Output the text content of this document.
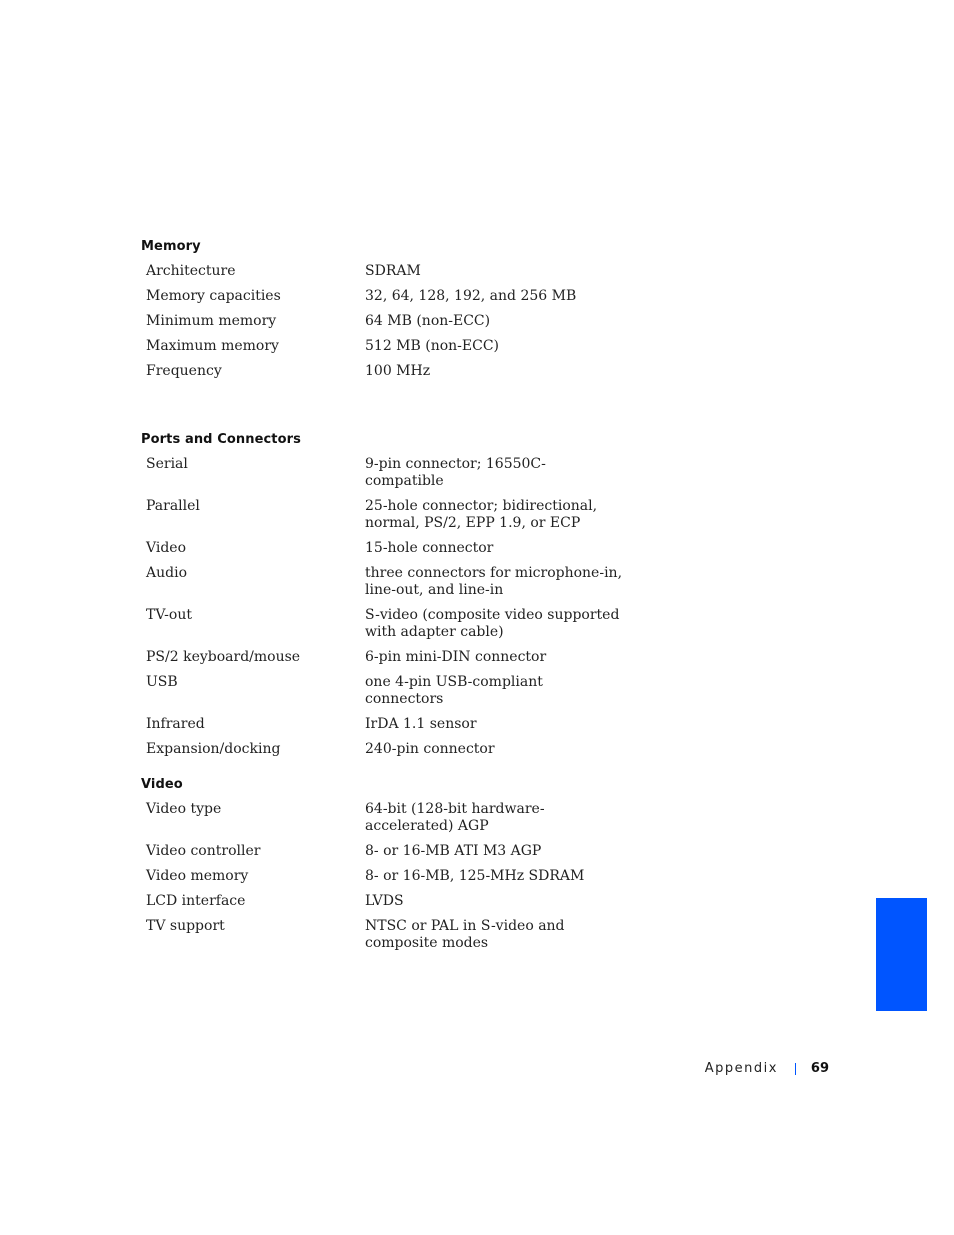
Memory
Architecture	SDRAM
Memory capacities	32, 64, 128, 192, and 256 MB
Minimum memory	64 MB (non-ECC)
Maximum memory	512 MB (non-ECC)
Frequency	100 MHz
Ports and Connectors
Serial	9-pin connector; 16550C-compatible
Parallel	25-hole connector; bidirectional, normal, PS/2, EPP 1.9, or ECP
Video	15-hole connector
Audio	three connectors for microphone-in, line-out, and line-in
TV-out	S-video (composite video supported with adapter cable)
PS/2 keyboard/mouse	6-pin mini-DIN connector
USB	one 4-pin USB-compliant connectors
Infrared	IrDA 1.1 sensor
Expansion/docking	240-pin connector
Video
Video type	64-bit (128-bit hardware-accelerated) AGP
Video controller	8- or 16-MB ATI M3 AGP
Video memory	8- or 16-MB, 125-MHz SDRAM
LCD interface	LVDS
TV support	NTSC or PAL in S-video and composite modes
Appendix	69
